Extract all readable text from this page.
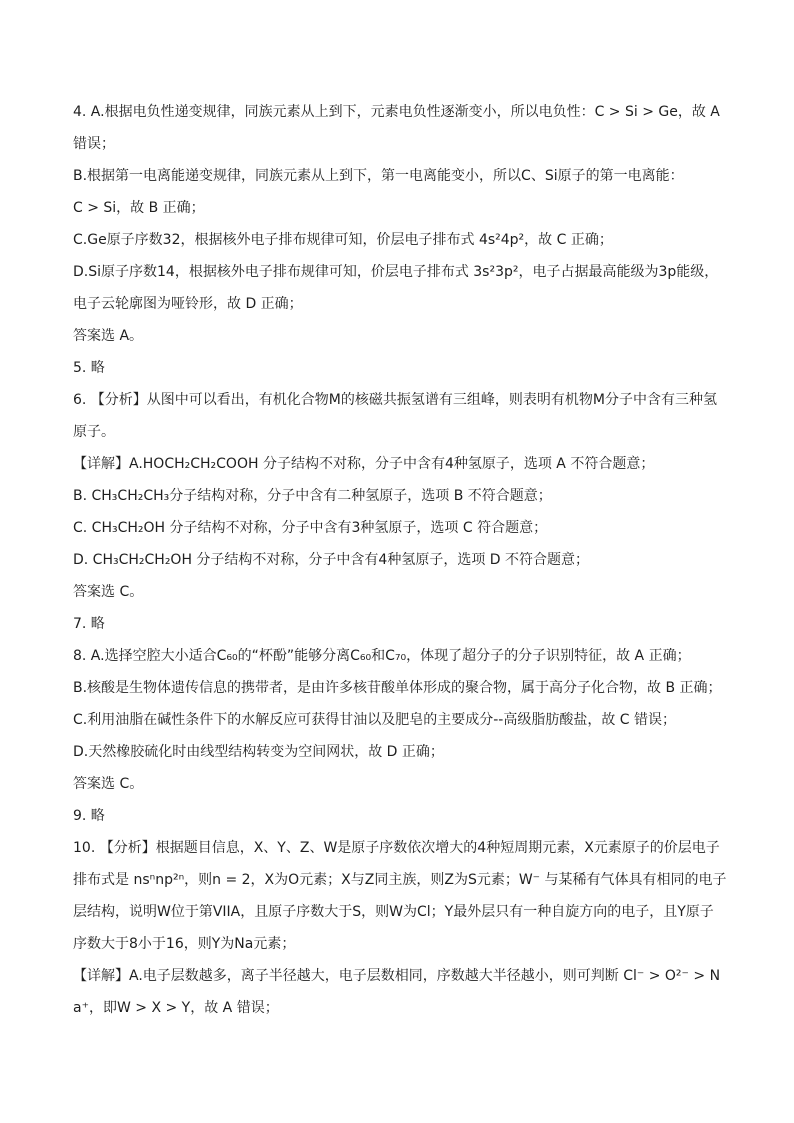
4. A.根据电负性递变规律，同族元素从上到下，元素电负性逐渐变小，所以电负性：C > Si > Ge，故 A
错误；
B.根据第一电离能递变规律，同族元素从上到下，第一电离能变小，所以C、Si原子的第一电离能：
C > Si，故 B 正确；
C.Ge原子序数32，根据核外电子排布规律可知，价层电子排布式 4s²4p²，故 C 正确；
D.Si原子序数14，根据核外电子排布规律可知，价层电子排布式 3s²3p²，电子占据最高能级为3p能级，
电子云轮廓图为哑铃形，故 D 正确；
答案选 A。
5. 略
6. 【分析】从图中可以看出，有机化合物M的核磁共振氢谱有三组峰，则表明有机物M分子中含有三种氢
原子。
【详解】A.HOCH₂CH₂COOH 分子结构不对称，分子中含有4种氢原子，选项 A 不符合题意；
B. CH₃CH₂CH₃分子结构对称，分子中含有二种氢原子，选项 B 不符合题意；
C. CH₃CH₂OH 分子结构不对称，分子中含有3种氢原子，选项 C 符合题意；
D. CH₃CH₂CH₂OH 分子结构不对称，分子中含有4种氢原子，选项 D 不符合题意；
答案选 C。
7. 略
8. A.选择空腔大小适合C₆₀的“杯酚”能够分离C₆₀和C₇₀，体现了超分子的分子识别特征，故 A 正确；
B.核酸是生物体遗传信息的携带者，是由许多核苷酸单体形成的聚合物，属于高分子化合物，故 B 正确；
C.利用油脂在碱性条件下的水解反应可获得甘油以及肥皂的主要成分--高级脂肪酸盐，故 C 错误；
D.天然橡胶硫化时由线型结构转变为空间网状，故 D 正确；
答案选 C。
9. 略
10. 【分析】根据题目信息，X、Y、Z、W是原子序数依次增大的4种短周期元素，X元素原子的价层电子
排布式是 nsⁿnp²ⁿ，则n = 2，X为O元素；X与Z同主族，则Z为S元素；W⁻ 与某稀有气体具有相同的电子
层结构，说明W位于第VIIA，且原子序数大于S，则W为Cl；Y最外层只有一种自旋方向的电子，且Y原子
序数大于8小于16，则Y为Na元素；
【详解】A.电子层数越多，离子半径越大，电子层数相同，序数越大半径越小，则可判断 Cl⁻ > O²⁻ > N
a⁺，即W > X > Y，故 A 错误；
